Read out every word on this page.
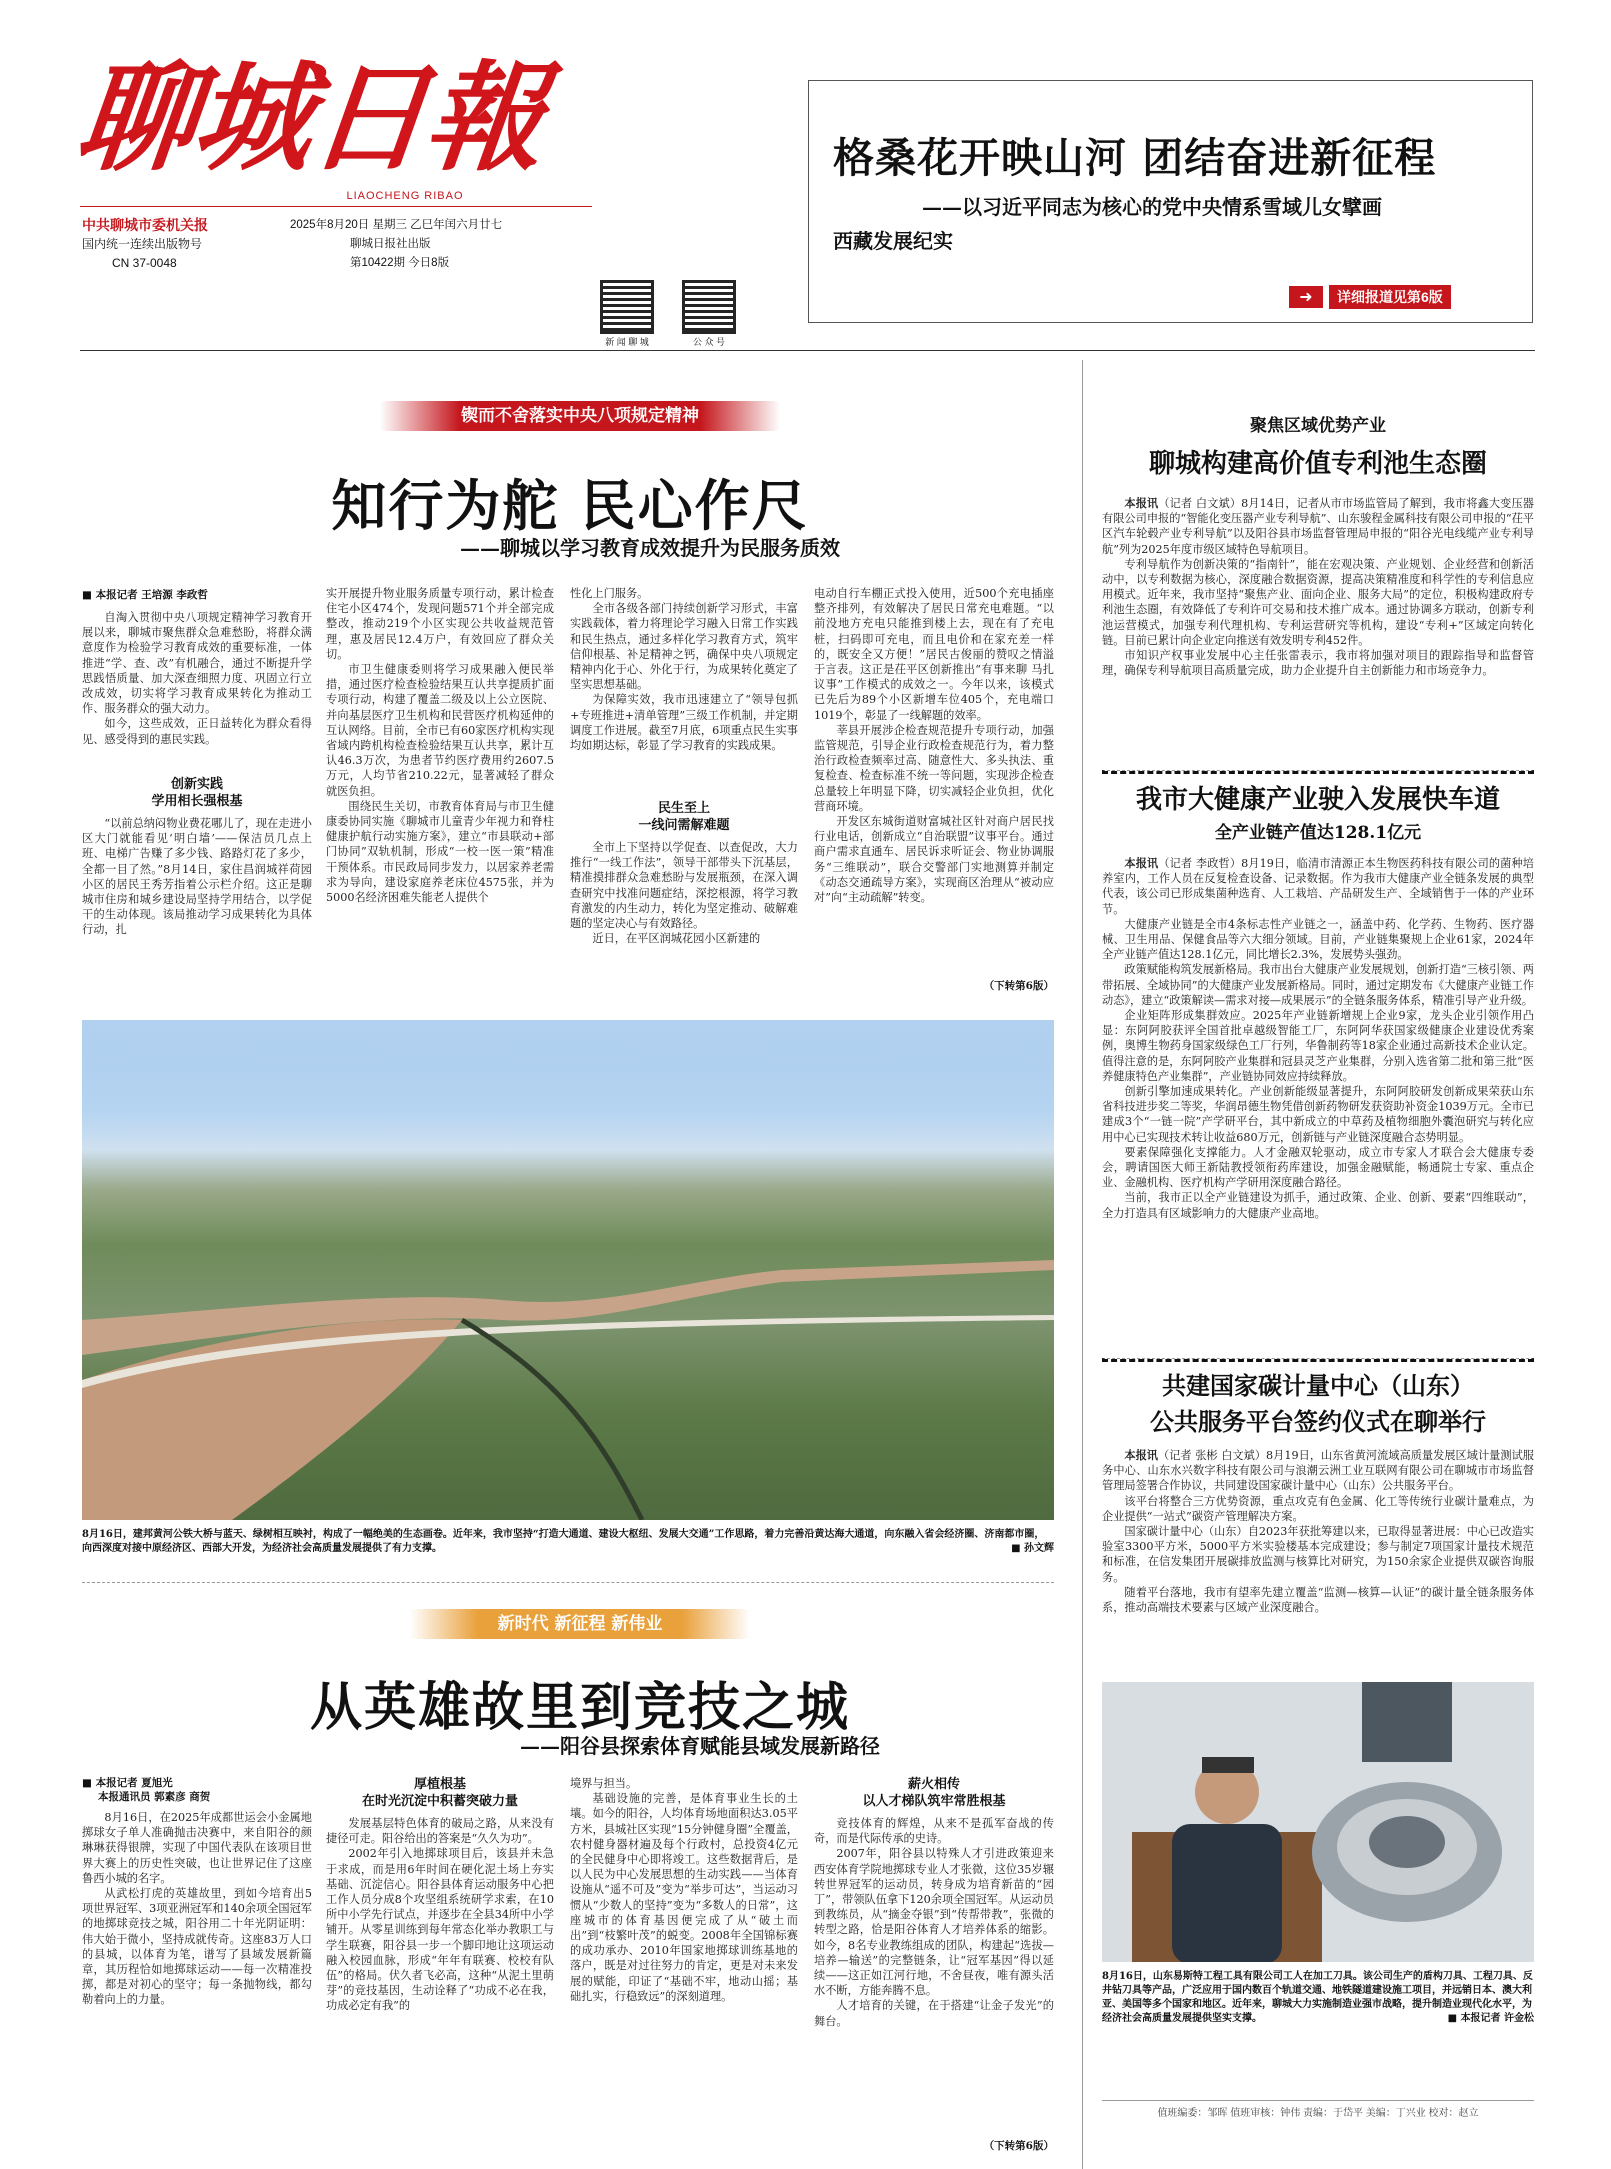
聊城日報
LIAOCHENG RIBAO
中共聊城市委机关报
国内统一连续出版物号
CN 37-0048
2025年8月20日 星期三 乙巳年闰六月廿七
聊城日报社出版
第10422期 今日8版
新 闻 聊 城	公 众 号
格桑花开映山河 团结奋进新征程
——以习近平同志为核心的党中央情系雪域儿女擘画
西藏发展纪实
➜	详细报道见第6版
锲而不舍落实中央八项规定精神
知行为舵 民心作尺
——聊城以学习教育成效提升为民服务质效
■ 本报记者 王培源 李政哲

自淘入贯彻中央八项规定精神学习教育开展以来，聊城市聚焦群众急难愁盼，将群众满意度作为检验学习教育成效的重要标准，一体推进“学、查、改”有机融合，通过不断提升学思践悟质量、加大深查细照力度、巩固立行立改成效，切实将学习教育成果转化为推动工作、服务群众的强大动力。

如今，这些成效，正日益转化为群众看得见、感受得到的惠民实践。

创新实践
学用相长强根基

“以前总纳闷物业费花哪儿了，现在走进小区大门就能看见‘明白墙’——保洁员几点上班、电梯广告赚了多少钱、路路灯花了多少，全都一目了然。”8月14日，家住昌润城祥荷园小区的居民王秀芳指着公示栏介绍。这正是聊城市住房和城乡建设局坚持学用结合，以学促干的生动体现。该局推动学习成果转化为具体行动，扎

实开展提升物业服务质量专项行动，累计检查住宅小区474个，发现问题571个并全部完成整改，推动219个小区实现公共收益规范管理，惠及居民12.4万户，有效回应了群众关切。

市卫生健康委则将学习成果融入便民举措，通过医疗检查检验结果互认共享提质扩面专项行动，构建了覆盖二级及以上公立医院、并向基层医疗卫生机构和民营医疗机构延伸的互认网络。目前，全市已有60家医疗机构实现省域内跨机构检查检验结果互认共享，累计互认46.3万次，为患者节约医疗费用约2607.5万元，人均节省210.22元，显著减轻了群众就医负担。

围绕民生关切，市教育体育局与市卫生健康委协同实施《聊城市儿童青少年视力和脊柱健康护航行动实施方案》，建立“市县联动+部门协同”双轨机制，形成“一校一医一策”精准干预体系。市民政局同步发力，以居家养老需求为导向，建设家庭养老床位4575张，并为5000名经济困难失能老人提供个

性化上门服务。

全市各级各部门持续创新学习形式，丰富实践载体，着力将理论学习融入日常工作实践和民生热点，通过多样化学习教育方式，筑牢信仰根基、补足精神之钙，确保中央八项规定精神内化于心、外化于行，为成果转化奠定了坚实思想基础。

为保障实效，我市迅速建立了“领导包抓+专班推进+清单管理”三级工作机制，并定期调度工作进展。截至7月底，6项重点民生实事均如期达标，彰显了学习教育的实践成果。

民生至上
一线问需解难题

全市上下坚持以学促查、以查促改，大力推行“一线工作法”，领导干部带头下沉基层，精准摸排群众急难愁盼与发展瓶颈，在深入调查研究中找准问题症结，深挖根源，将学习教育激发的内生动力，转化为坚定推动、破解难题的坚定决心与有效路径。

近日，在平区润城花园小区新建的

电动自行车棚正式投入使用，近500个充电插座整齐排列，有效解决了居民日常充电难题。“以前没地方充电只能推到楼上去，现在有了充电桩，扫码即可充电，而且电价和在家充差一样的，既安全又方便！”居民古俊丽的赞叹之情溢于言表。这正是茌平区创新推出“有事来聊 马扎议事”工作模式的成效之一。今年以来，该模式已先后为89个小区新增车位405个，充电端口1019个，彰显了一线解题的效率。

莘县开展涉企检查规范提升专项行动，加强监管规范，引导企业行政检查规范行为，着力整治行政检查频率过高、随意性大、多头执法、重复检查、检查标准不统一等问题，实现涉企检查总量较上年明显下降，切实减轻企业负担，优化营商环境。

开发区东城街道财富城社区针对商户居民找行业电话，创新成立“自治联盟”议事平台。通过商户需求直通车、居民诉求听证会、物业协调服务“三维联动”，联合交警部门实地测算并制定《动态交通疏导方案》，实现商区治理从“被动应对”向“主动疏解”转变。

（下转第6版）
8月16日，建邦黄河公铁大桥与蓝天、绿树相互映衬，构成了一幅绝美的生态画卷。近年来，我市坚持“打造大通道、建设大枢纽、发展大交通”工作思路，着力完善沿黄达海大通道，向东融入省会经济圈、济南都市圈，向西深度对接中原经济区、西部大开发，为经济社会高质量发展提供了有力支撑。	■ 孙文辉
新时代 新征程 新伟业
从英雄故里到竞技之城
——阳谷县探索体育赋能县域发展新路径
■ 本报记者 夏旭光
本报通讯员 郭素彦 商贺

8月16日，在2025年成都世运会小金属地掷球女子单人准确抛击决赛中，来自阳谷的颜琳琳获得银牌，实现了中国代表队在该项目世界大赛上的历史性突破，也让世界记住了这座鲁西小城的名字。

从武松打虎的英雄故里，到如今培育出5项世界冠军、3项亚洲冠军和140余项全国冠军的地掷球竞技之城，阳谷用二十年光阴证明：伟大始于微小，坚持成就传奇。这座83万人口的县城，以体育为笔，谱写了县域发展新篇章，其历程恰如地掷球运动——每一次精准投掷，都是对初心的坚守；每一条抛物线，都勾勒着向上的力量。

厚植根基
在时光沉淀中积蓄突破力量

发展基层特色体育的破局之路，从来没有捷径可走。阳谷给出的答案是“久久为功”。

2002年引入地掷球项目后，该县并未急于求成，而是用6年时间在硬化泥土场上夯实基础、沉淀信心。阳谷县体育运动服务中心把工作人员分成8个攻坚组系统研学求索，在10所中小学先行试点，并逐步在全县34所中小学铺开。从零星训练到每年常态化举办教职工与学生联赛，阳谷县一步一个脚印地让这项运动融入校园血脉，形成“年年有联赛、校校有队伍”的格局。伏久者飞必高，这种“从泥土里萌芽”的竞技基因，生动诠释了“功成不必在我，功成必定有我”的

境界与担当。

基础设施的完善，是体育事业生长的土壤。如今的阳谷，人均体育场地面积达3.05平方米，县城社区实现“15分钟健身圈”全覆盖，农村健身器材遍及每个行政村，总投资4亿元的全民健身中心即将竣工。这些数据背后，是以人民为中心发展思想的生动实践——当体育设施从“遥不可及”变为“举步可达”，当运动习惯从“少数人的坚持”变为“多数人的日常”，这座城市的体育基因便完成了从“破土而出”到“枝繁叶茂”的蜕变。2008年全国锦标赛的成功承办、2010年国家地掷球训练基地的落户，既是对过往努力的肯定，更是对未来发展的赋能，印证了“基础不牢，地动山摇；基础扎实，行稳致远”的深刻道理。

薪火相传
以人才梯队筑牢常胜根基

竞技体育的辉煌，从来不是孤军奋战的传奇，而是代际传承的史诗。

2007年，阳谷县以特殊人才引进政策迎来西安体育学院地掷球专业人才张微，这位35岁辗转世界冠军的运动员，转身成为培育新苗的“园丁”，带领队伍拿下120余项全国冠军。从运动员到教练员，从“摘金夺银”到“传帮带教”，张微的转型之路，恰是阳谷体育人才培养体系的缩影。如今，8名专业教练组成的团队，构建起“选拔—培养—输送”的完整链条，让“冠军基因”得以延续——这正如江河行地，不舍昼夜，唯有源头活水不断，方能奔腾不息。

人才培育的关键，在于搭建“让金子发光”的舞台。

（下转第6版）
聚焦区域优势产业
聊城构建高价值专利池生态圈

本报讯（记者 白文斌）8月14日，记者从市市场监管局了解到，我市将鑫大变压器有限公司申报的“智能化变压器产业专利导航”、山东骏程金属科技有限公司申报的“茌平区汽车轮毂产业专利导航”以及阳谷县市场监督管理局申报的“阳谷光电线缆产业专利导航”列为2025年度市级区域特色导航项目。

专利导航作为创新决策的“指南针”，能在宏观决策、产业规划、企业经营和创新活动中，以专利数据为核心，深度融合数据资源，提高决策精准度和科学性的专利信息应用模式。近年来，我市坚持“聚焦产业、面向企业、服务大局”的定位，积极构建政府专利池生态圈，有效降低了专利许可交易和技术推广成本。通过协调多方联动，创新专利池运营模式，加强专利代理机构、专利运营研究等机构，建设“专利+”区域定向转化链。目前已累计向企业定向推送有效发明专利452件。

市知识产权事业发展中心主任张雷表示，我市将加强对项目的跟踪指导和监督管理，确保专利导航项目高质量完成，助力企业提升自主创新能力和市场竞争力。

我市大健康产业驶入发展快车道
全产业链产值达128.1亿元

本报讯（记者 李政哲）8月19日，临清市清源正本生物医药科技有限公司的菌种培养室内，工作人员在反复检查设备、记录数据。作为我市大健康产业全链条发展的典型代表，该公司已形成集菌种选育、人工栽培、产品研发生产、全域销售于一体的产业环节。

大健康产业链是全市4条标志性产业链之一，涵盖中药、化学药、生物药、医疗器械、卫生用品、保健食品等六大细分领域。目前，产业链集聚规上企业61家，2024年全产业链产值达128.1亿元，同比增长2.3%，发展势头强劲。

政策赋能构筑发展新格局。我市出台大健康产业发展规划，创新打造“三核引领、两带拓展、全域协同”的大健康产业发展新格局。同时，通过定期发布《大健康产业链工作动态》，建立“政策解读—需求对接—成果展示”的全链条服务体系，精准引导产业升级。

企业矩阵形成集群效应。2025年产业链新增规上企业9家，龙头企业引领作用凸显：东阿阿胶获评全国首批卓越级智能工厂，东阿阿华获国家级健康企业建设优秀案例，奥博生物药身国家级绿色工厂行列，华鲁制药等18家企业通过高新技术企业认定。值得注意的是，东阿阿胶产业集群和冠县灵芝产业集群，分别入选省第二批和第三批“医养健康特色产业集群”，产业链协同效应持续释放。

创新引擎加速成果转化。产业创新能级显著提升，东阿阿胶研发创新成果荣获山东省科技进步奖二等奖，华润昂德生物凭借创新药物研发获资助补资金1039万元。全市已建成3个“一链一院”产学研平台，其中新成立的中草药及植物细胞外囊泡研究与转化应用中心已实现技术转让收益680万元，创新链与产业链深度融合态势明显。

要素保障强化支撑能力。人才金融双轮驱动，成立市专家人才联合会大健康专委会，聘请国医大师王新陆教授领衔药库建设，加强金融赋能，畅通院士专家、重点企业、金融机构、医疗机构产学研用深度融合路径。

当前，我市正以全产业链建设为抓手，通过政策、企业、创新、要素“四维联动”，全力打造具有区域影响力的大健康产业高地。

共建国家碳计量中心（山东）
公共服务平台签约仪式在聊举行

本报讯（记者 张彬 白文斌）8月19日，山东省黄河流域高质量发展区域计量测试服务中心、山东水兴数字科技有限公司与浪潮云洲工业互联网有限公司在聊城市市场监督管理局签署合作协议，共同建设国家碳计量中心（山东）公共服务平台。

该平台将整合三方优势资源，重点攻克有色金属、化工等传统行业碳计量难点，为企业提供“一站式”碳资产管理解决方案。

国家碳计量中心（山东）自2023年获批筹建以来，已取得显著进展：中心已改造实验室3300平方米，5000平方米实验楼基本完成建设；参与制定7项国家计量技术规范和标准，在信发集团开展碳排放监测与核算比对研究，为150余家企业提供双碳咨询服务。

随着平台落地，我市有望率先建立覆盖“监测—核算—认证”的碳计量全链条服务体系，推动高端技术要素与区域产业深度融合。

8月16日，山东易斯特工程工具有限公司工人在加工刀具。该公司生产的盾构刀具、工程刀具、反井钻刀具等产品，广泛应用于国内数百个轨道交通、地铁隧道建设施工项目，并远销日本、澳大利亚、美国等多个国家和地区。近年来，聊城大力实施制造业强市战略，提升制造业现代化水平，为经济社会高质量发展提供坚实支撑。	■ 本报记者 许金松
值班编委：邹晖 值班审核：钟伟 责编：于岱平 美编：丁兴业 校对：赵立
